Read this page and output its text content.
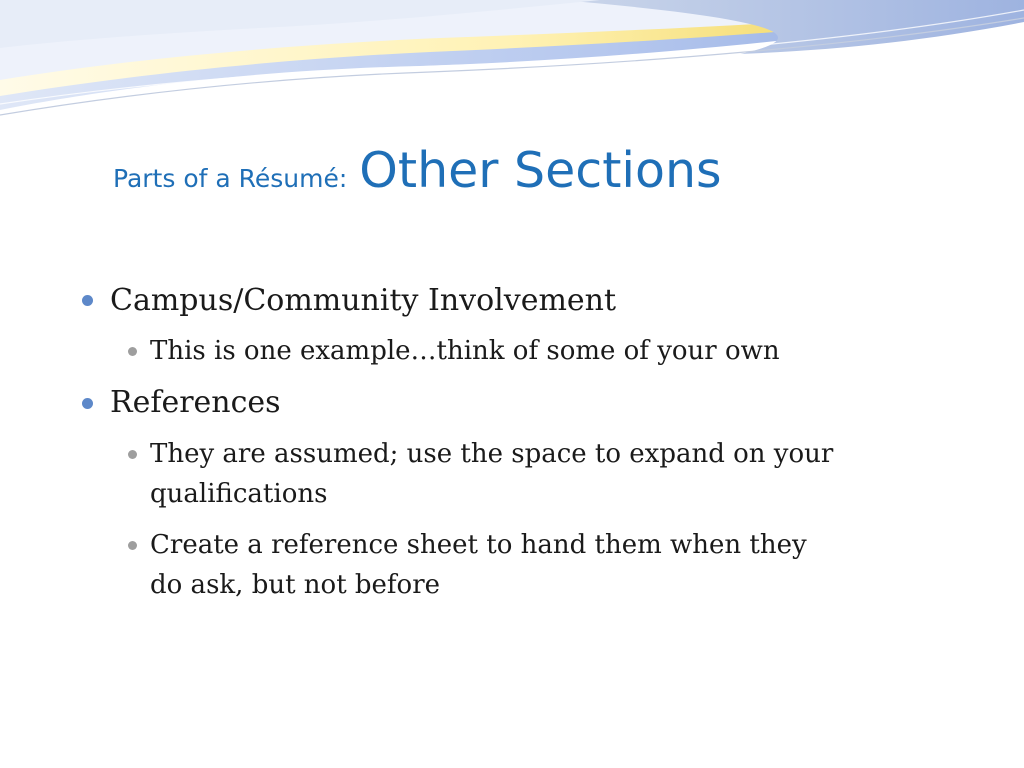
Parts of a Résumé: Other Sections
Campus/Community Involvement
This is one example…think of some of your own
References
They are assumed; use the space to expand on your
qualifications
Create a reference sheet to hand them when they
do ask, but not before
